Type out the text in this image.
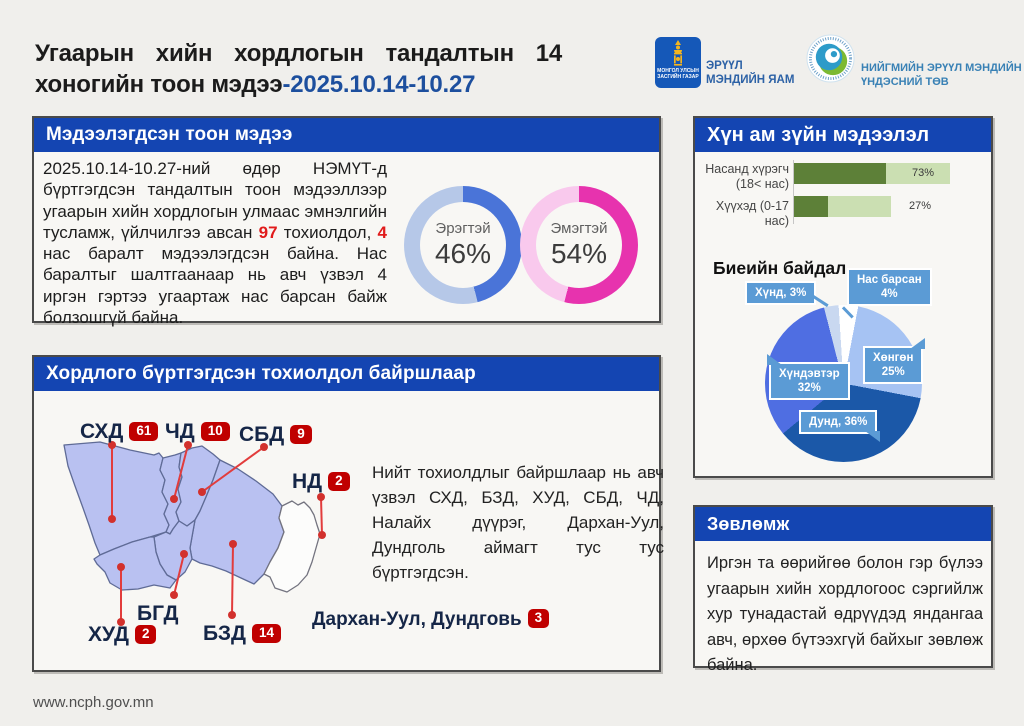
Угаарын хийн хордлогын тандалтын 14
хоногийн тоон мэдээ-2025.10.14-10.27	МОНГОЛ УЛСЫН
ЗАСГИЙН ГАЗАР
ЭРҮҮЛ
МЭНДИЙН ЯАМ
НИЙГМИЙН ЭРҮҮЛ МЭНДИЙН
ҮНДЭСНИЙ ТӨВ
Мэдээлэгдсэн тоон мэдээ
2025.10.14-10.27-ний өдөр НЭМҮТ-д бүртгэгдсэн тандалтын тоон мэдээллээр угаарын хийн хордлогын улмаас эмнэлгийн тусламж, үйлчилгээ авсан 97 тохиолдол, 4 нас баралт мэдээлэгдсэн байна. Нас баралтыг шалтгаанаар нь авч үзвэл 4 иргэн гэртээ угаартаж нас барсан байж болзошгүй байна.
Эрэгтэй
46%
Эмэгтэй
54%
Хүн ам зүйн мэдээлэл
Насанд хүрэгч
(18< нас)
73%
Хүүхэд (0-17 нас)

27%
Биеийн байдал
Хүнд, 3%
Нас барсан
4%
Хөнгөн
25%
Хүндэвтэр
32%
Дунд, 36%
Хордлого бүртгэгдсэн тохиолдол байршлаар
СХД 61 ЧД 10 СБД 9
НД 2
БГД
ХУД 2	БЗД 14
Дархан-Уул, Дундговь 3
Нийт тохиолдлыг байршлаар нь авч үзвэл СХД, БЗД, ХУД, СБД, ЧД, Налайх дүүрэг, Дархан-Уул, Дундголь аймагт тус тус бүртгэгдсэн.
Зөвлөмж
Иргэн та өөрийгөө болон гэр бүлээ угаарын хийн хордлогоос сэргийлж хур тунадастай өдрүүдэд яндангаа авч, өрхөө бүтээхгүй байхыг зөвлөж байна.
www.ncph.gov.mn
